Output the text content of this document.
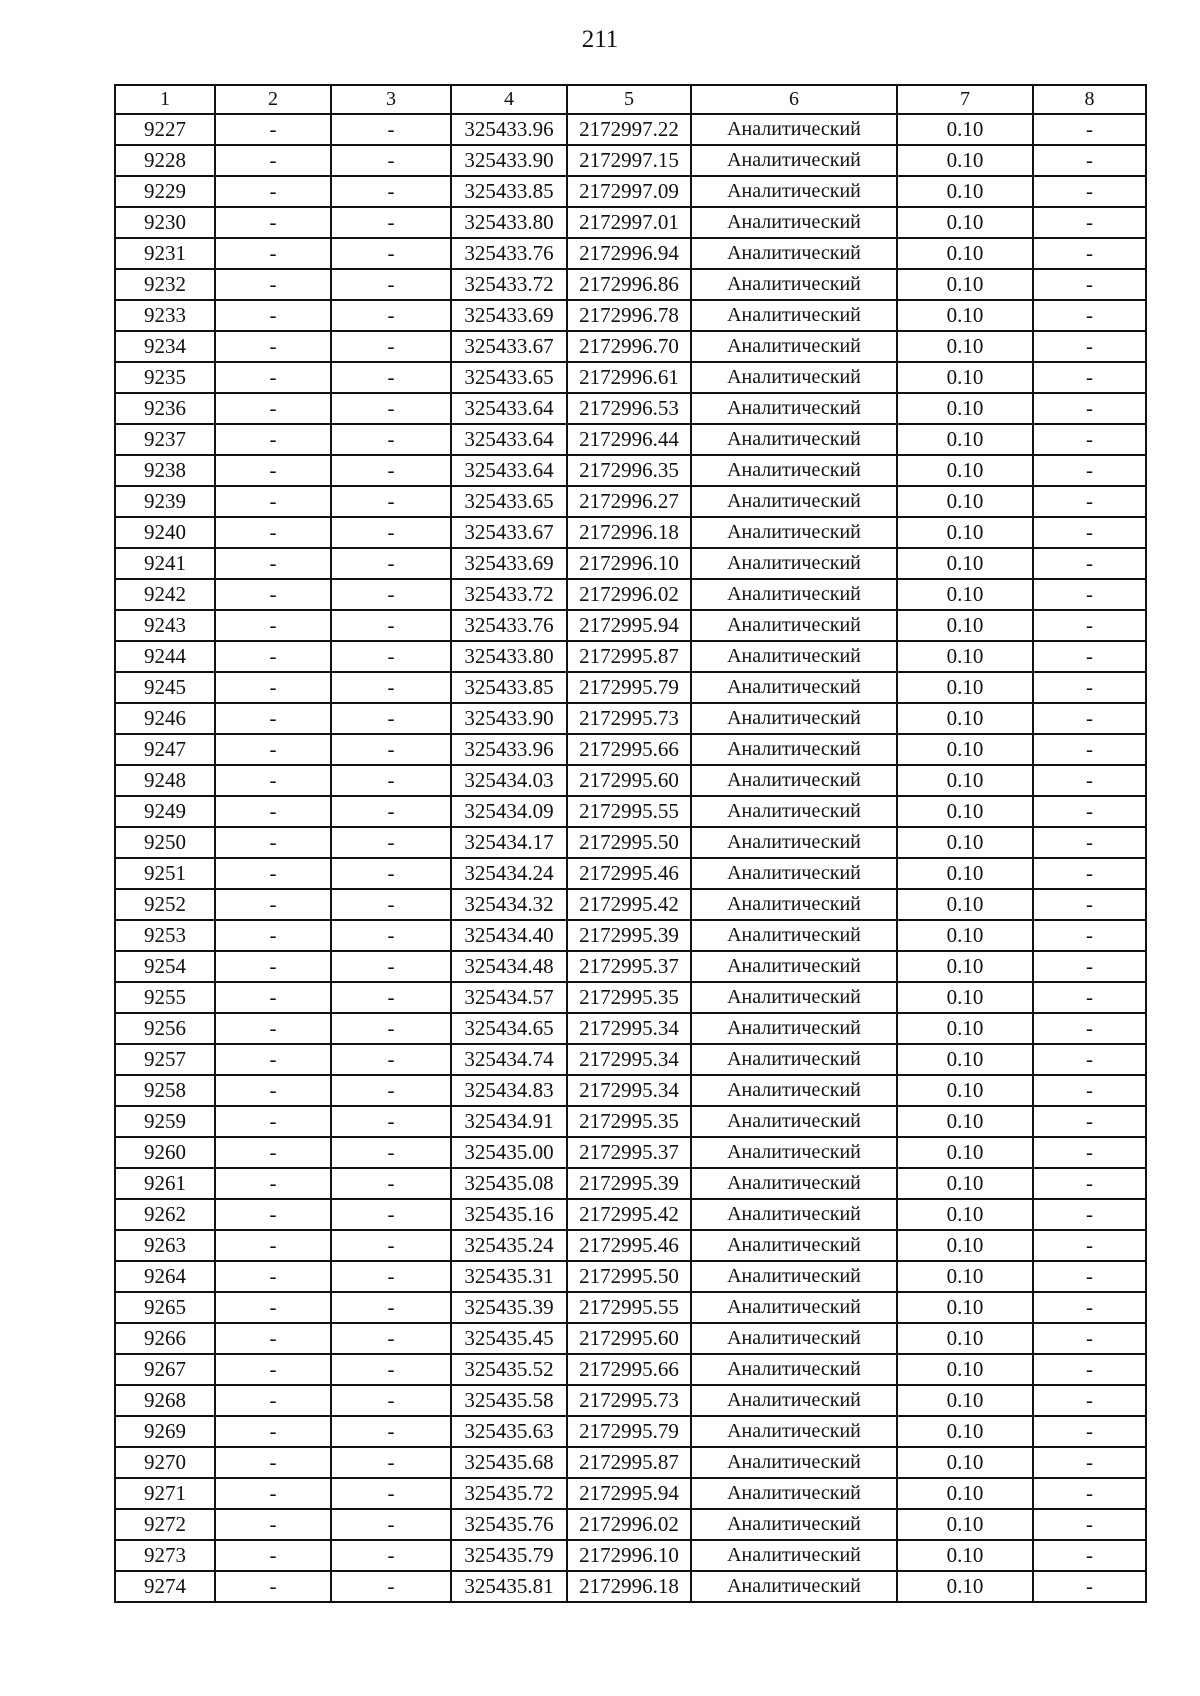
211
1	2	3	4	5	6	7	8
9227	-	-	325433.96	2172997.22	Аналитический	0.10	-
9228	-	-	325433.90	2172997.15	Аналитический	0.10	-
9229	-	-	325433.85	2172997.09	Аналитический	0.10	-
9230	-	-	325433.80	2172997.01	Аналитический	0.10	-
9231	-	-	325433.76	2172996.94	Аналитический	0.10	-
9232	-	-	325433.72	2172996.86	Аналитический	0.10	-
9233	-	-	325433.69	2172996.78	Аналитический	0.10	-
9234	-	-	325433.67	2172996.70	Аналитический	0.10	-
9235	-	-	325433.65	2172996.61	Аналитический	0.10	-
9236	-	-	325433.64	2172996.53	Аналитический	0.10	-
9237	-	-	325433.64	2172996.44	Аналитический	0.10	-
9238	-	-	325433.64	2172996.35	Аналитический	0.10	-
9239	-	-	325433.65	2172996.27	Аналитический	0.10	-
9240	-	-	325433.67	2172996.18	Аналитический	0.10	-
9241	-	-	325433.69	2172996.10	Аналитический	0.10	-
9242	-	-	325433.72	2172996.02	Аналитический	0.10	-
9243	-	-	325433.76	2172995.94	Аналитический	0.10	-
9244	-	-	325433.80	2172995.87	Аналитический	0.10	-
9245	-	-	325433.85	2172995.79	Аналитический	0.10	-
9246	-	-	325433.90	2172995.73	Аналитический	0.10	-
9247	-	-	325433.96	2172995.66	Аналитический	0.10	-
9248	-	-	325434.03	2172995.60	Аналитический	0.10	-
9249	-	-	325434.09	2172995.55	Аналитический	0.10	-
9250	-	-	325434.17	2172995.50	Аналитический	0.10	-
9251	-	-	325434.24	2172995.46	Аналитический	0.10	-
9252	-	-	325434.32	2172995.42	Аналитический	0.10	-
9253	-	-	325434.40	2172995.39	Аналитический	0.10	-
9254	-	-	325434.48	2172995.37	Аналитический	0.10	-
9255	-	-	325434.57	2172995.35	Аналитический	0.10	-
9256	-	-	325434.65	2172995.34	Аналитический	0.10	-
9257	-	-	325434.74	2172995.34	Аналитический	0.10	-
9258	-	-	325434.83	2172995.34	Аналитический	0.10	-
9259	-	-	325434.91	2172995.35	Аналитический	0.10	-
9260	-	-	325435.00	2172995.37	Аналитический	0.10	-
9261	-	-	325435.08	2172995.39	Аналитический	0.10	-
9262	-	-	325435.16	2172995.42	Аналитический	0.10	-
9263	-	-	325435.24	2172995.46	Аналитический	0.10	-
9264	-	-	325435.31	2172995.50	Аналитический	0.10	-
9265	-	-	325435.39	2172995.55	Аналитический	0.10	-
9266	-	-	325435.45	2172995.60	Аналитический	0.10	-
9267	-	-	325435.52	2172995.66	Аналитический	0.10	-
9268	-	-	325435.58	2172995.73	Аналитический	0.10	-
9269	-	-	325435.63	2172995.79	Аналитический	0.10	-
9270	-	-	325435.68	2172995.87	Аналитический	0.10	-
9271	-	-	325435.72	2172995.94	Аналитический	0.10	-
9272	-	-	325435.76	2172996.02	Аналитический	0.10	-
9273	-	-	325435.79	2172996.10	Аналитический	0.10	-
9274	-	-	325435.81	2172996.18	Аналитический	0.10	-
